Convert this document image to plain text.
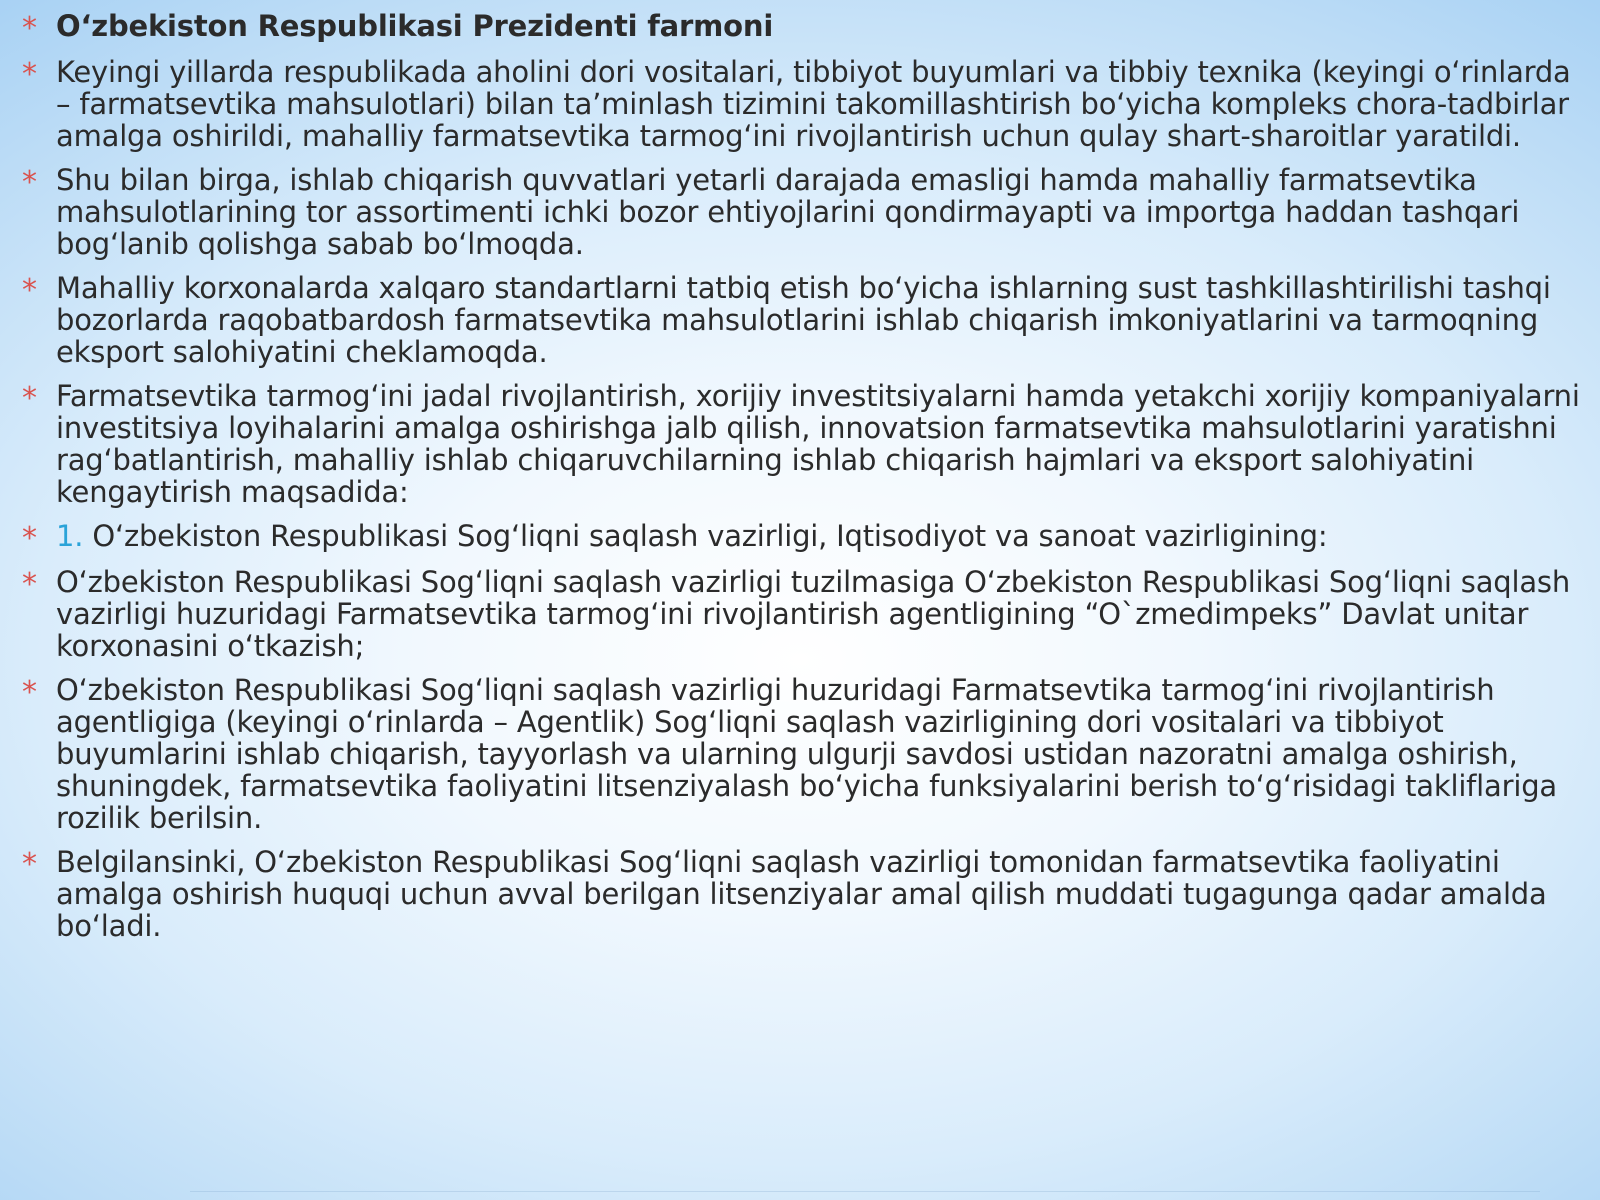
* O‘zbekiston Respublikasi Prezidenti farmoni
* Keyingi yillarda respublikada aholini dori vositalari, tibbiyot buyumlari va tibbiy texnika (keyingi o‘rinlarda – farmatsevtika mahsulotlari) bilan ta’minlash tizimini takomillashtirish bo‘yicha kompleks chora-tadbirlar amalga oshirildi, mahalliy farmatsevtika tarmog‘ini rivojlantirish uchun qulay shart-sharoitlar yaratildi.
* Shu bilan birga, ishlab chiqarish quvvatlari yetarli darajada emasligi hamda mahalliy farmatsevtika mahsulotlarining tor assortimenti ichki bozor ehtiyojlarini qondirmayapti va importga haddan tashqari bog‘lanib qolishga sabab bo‘lmoqda.
* Mahalliy korxonalarda xalqaro standartlarni tatbiq etish bo‘yicha ishlarning sust tashkillashtirilishi tashqi bozorlarda raqobatbardosh farmatsevtika mahsulotlarini ishlab chiqarish imkoniyatlarini va tarmoqning eksport salohiyatini cheklamoqda.
* Farmatsevtika tarmog‘ini jadal rivojlantirish, xorijiy investitsiyalarni hamda yetakchi xorijiy kompaniyalarni investitsiya loyihalarini amalga oshirishga jalb qilish, innovatsion farmatsevtika mahsulotlarini yaratishni rag‘batlantirish, mahalliy ishlab chiqaruvchilarning ishlab chiqarish hajmlari va eksport salohiyatini kengaytirish maqsadida:
* 1. O‘zbekiston Respublikasi Sog‘liqni saqlash vazirligi, Iqtisodiyot va sanoat vazirligining:
* O‘zbekiston Respublikasi Sog‘liqni saqlash vazirligi tuzilmasiga O‘zbekiston Respublikasi Sog‘liqni saqlash vazirligi huzuridagi Farmatsevtika tarmog‘ini rivojlantirish agentligining “O`zmedimpeks” Davlat unitar korxonasini o‘tkazish;
* O‘zbekiston Respublikasi Sog‘liqni saqlash vazirligi huzuridagi Farmatsevtika tarmog‘ini rivojlantirish agentligiga (keyingi o‘rinlarda – Agentlik) Sog‘liqni saqlash vazirligining dori vositalari va tibbiyot buyumlarini ishlab chiqarish, tayyorlash va ularning ulgurji savdosi ustidan nazoratni amalga oshirish, shuningdek, farmatsevtika faoliyatini litsenziyalash bo‘yicha funksiyalarini berish to‘g‘risidagi takliflariga rozilik berilsin.
* Belgilansinki, O‘zbekiston Respublikasi Sog‘liqni saqlash vazirligi tomonidan farmatsevtika faoliyatini amalga oshirish huquqi uchun avval berilgan litsenziyalar amal qilish muddati tugagunga qadar amalda bo‘ladi.
